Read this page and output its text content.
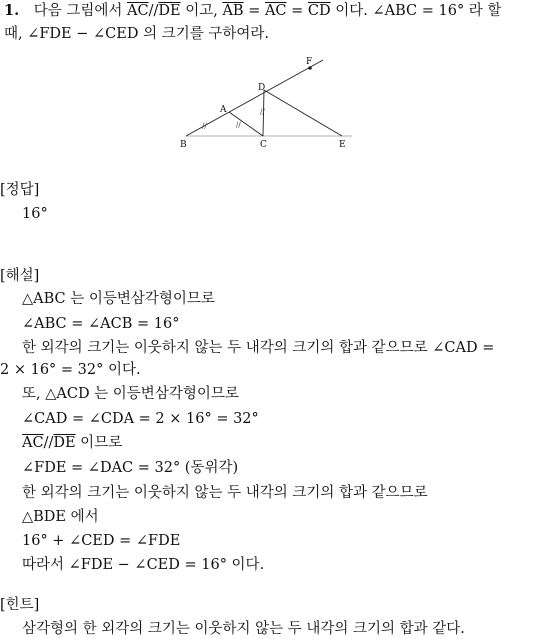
1. 다음 그림에서 $\overline{AC}//\overline{DE}$ 이고, $\overline{AB} = \overline{AC} = \overline{CD}$ 이다. ∠ABC = 16° 라 할
때, ∠FDE − ∠CED 의 크기를 구하여라.
//	//
//
F
D
A
B	C	E
[정답]
16°
[해설]
△ABC 는 이등변삼각형이므로
∠ABC = ∠ACB = 16°
한 외각의 크기는 이웃하지 않는 두 내각의 크기의 합과 같으므로 ∠CAD =
2 × 16° = 32° 이다.
또, △ACD 는 이등변삼각형이므로
∠CAD = ∠CDA = 2 × 16° = 32°
$\overline{AC}//\overline{DE}$ 이므로
∠FDE = ∠DAC = 32° (동위각)
한 외각의 크기는 이웃하지 않는 두 내각의 크기의 합과 같으므로
△BDE 에서
16° + ∠CED = ∠FDE
따라서 ∠FDE − ∠CED = 16° 이다.
[힌트]
삼각형의 한 외각의 크기는 이웃하지 않는 두 내각의 크기의 합과 같다.
